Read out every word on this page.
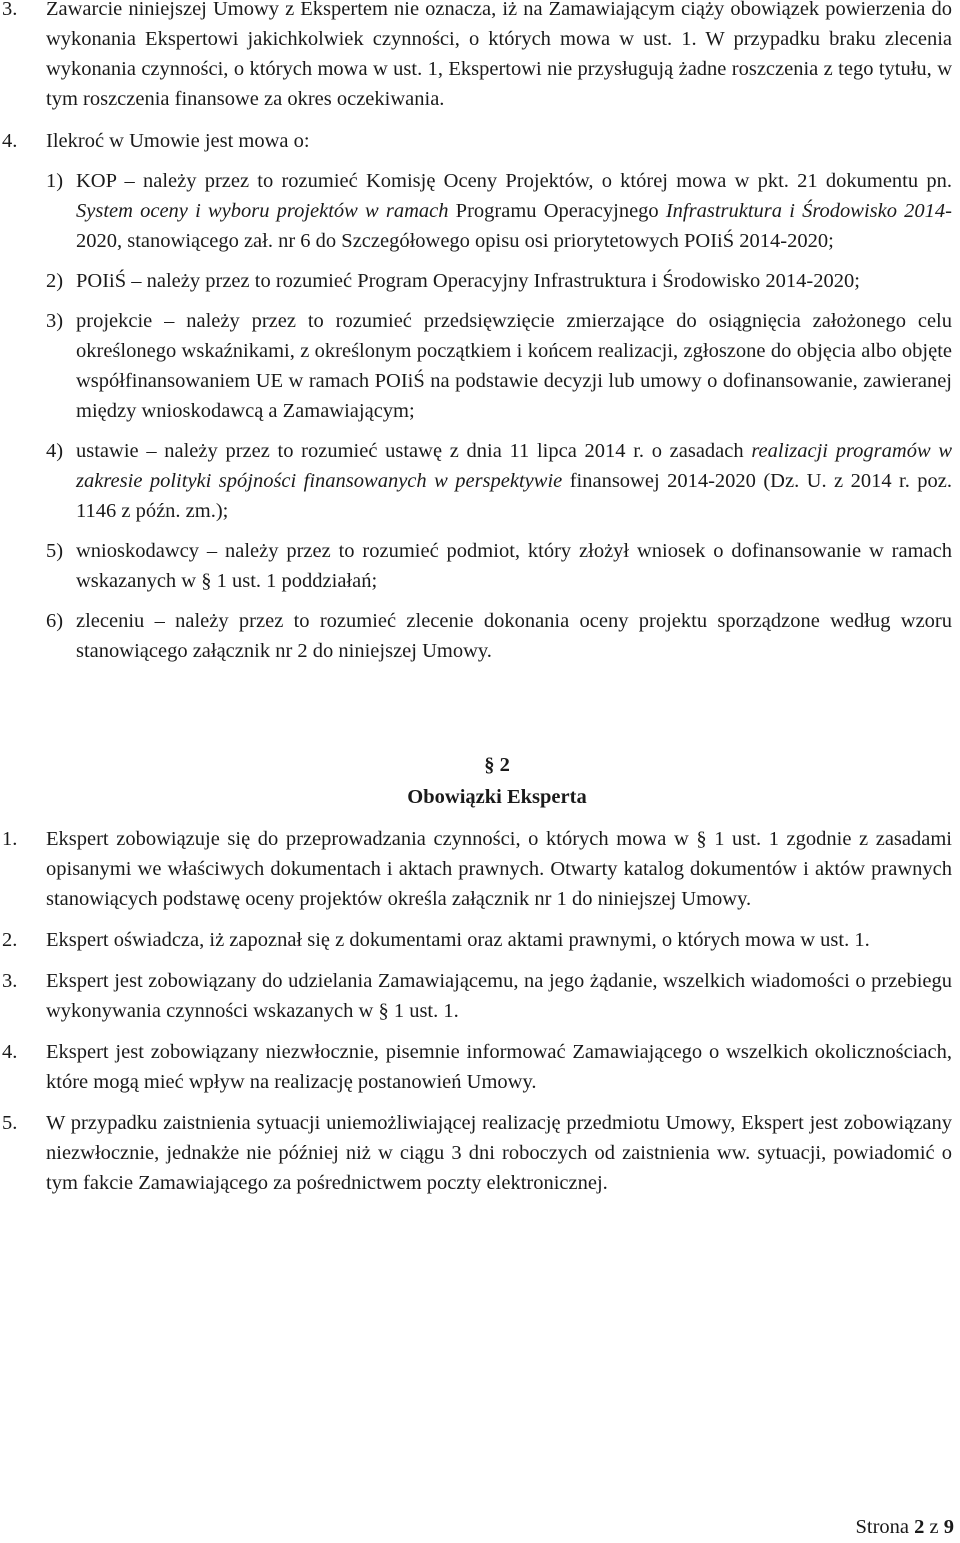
3.	Zawarcie niniejszej Umowy z Ekspertem nie oznacza, iż na Zamawiającym ciąży obowiązek powierzenia do wykonania Ekspertowi jakichkolwiek czynności, o których mowa w ust. 1. W przypadku braku zlecenia wykonania czynności, o których mowa w ust. 1, Ekspertowi nie przysługują żadne roszczenia z tego tytułu, w tym roszczenia finansowe za okres oczekiwania.
4.	Ilekroć w Umowie jest mowa o:
1) KOP – należy przez to rozumieć Komisję Oceny Projektów, o której mowa w pkt. 21 dokumentu pn. System oceny i wyboru projektów w ramach Programu Operacyjnego Infrastruktura i Środowisko 2014-2020, stanowiącego zał. nr 6 do Szczegółowego opisu osi priorytetowych POIiŚ 2014-2020;
2) POIiŚ – należy przez to rozumieć Program Operacyjny Infrastruktura i Środowisko 2014-2020;
3) projekcie – należy przez to rozumieć przedsięwzięcie zmierzające do osiągnięcia założonego celu określonego wskaźnikami, z określonym początkiem i końcem realizacji, zgłoszone do objęcia albo objęte współfinansowaniem UE w ramach POIiŚ na podstawie decyzji lub umowy o dofinansowanie, zawieranej między wnioskodawcą a Zamawiającym;
4) ustawie – należy przez to rozumieć ustawę z dnia 11 lipca 2014 r. o zasadach realizacji programów w zakresie polityki spójności finansowanych w perspektywie finansowej 2014-2020 (Dz. U. z 2014 r. poz. 1146 z późn. zm.);
5) wnioskodawcy – należy przez to rozumieć podmiot, który złożył wniosek o dofinansowanie w ramach wskazanych w § 1 ust. 1 poddziałań;
6) zleceniu – należy przez to rozumieć zlecenie dokonania oceny projektu sporządzone według wzoru stanowiącego załącznik nr 2 do niniejszej Umowy.
§ 2
Obowiązki Eksperta
1.	Ekspert zobowiązuje się do przeprowadzania czynności, o których mowa w § 1 ust. 1 zgodnie z zasadami opisanymi we właściwych dokumentach i aktach prawnych. Otwarty katalog dokumentów i aktów prawnych stanowiących podstawę oceny projektów określa załącznik nr 1 do niniejszej Umowy.
2.	Ekspert oświadcza, iż zapoznał się z dokumentami oraz aktami prawnymi, o których mowa w ust. 1.
3.	Ekspert jest zobowiązany do udzielania Zamawiającemu, na jego żądanie, wszelkich wiadomości o przebiegu wykonywania czynności wskazanych w § 1 ust. 1.
4.	Ekspert jest zobowiązany niezwłocznie, pisemnie informować Zamawiającego o wszelkich okolicznościach, które mogą mieć wpływ na realizację postanowień Umowy.
5.	W przypadku zaistnienia sytuacji uniemożliwiającej realizację przedmiotu Umowy, Ekspert jest zobowiązany niezwłocznie, jednakże nie później niż w ciągu 3 dni roboczych od zaistnienia ww. sytuacji, powiadomić o tym fakcie Zamawiającego za pośrednictwem poczty elektronicznej.
Strona 2 z 9
